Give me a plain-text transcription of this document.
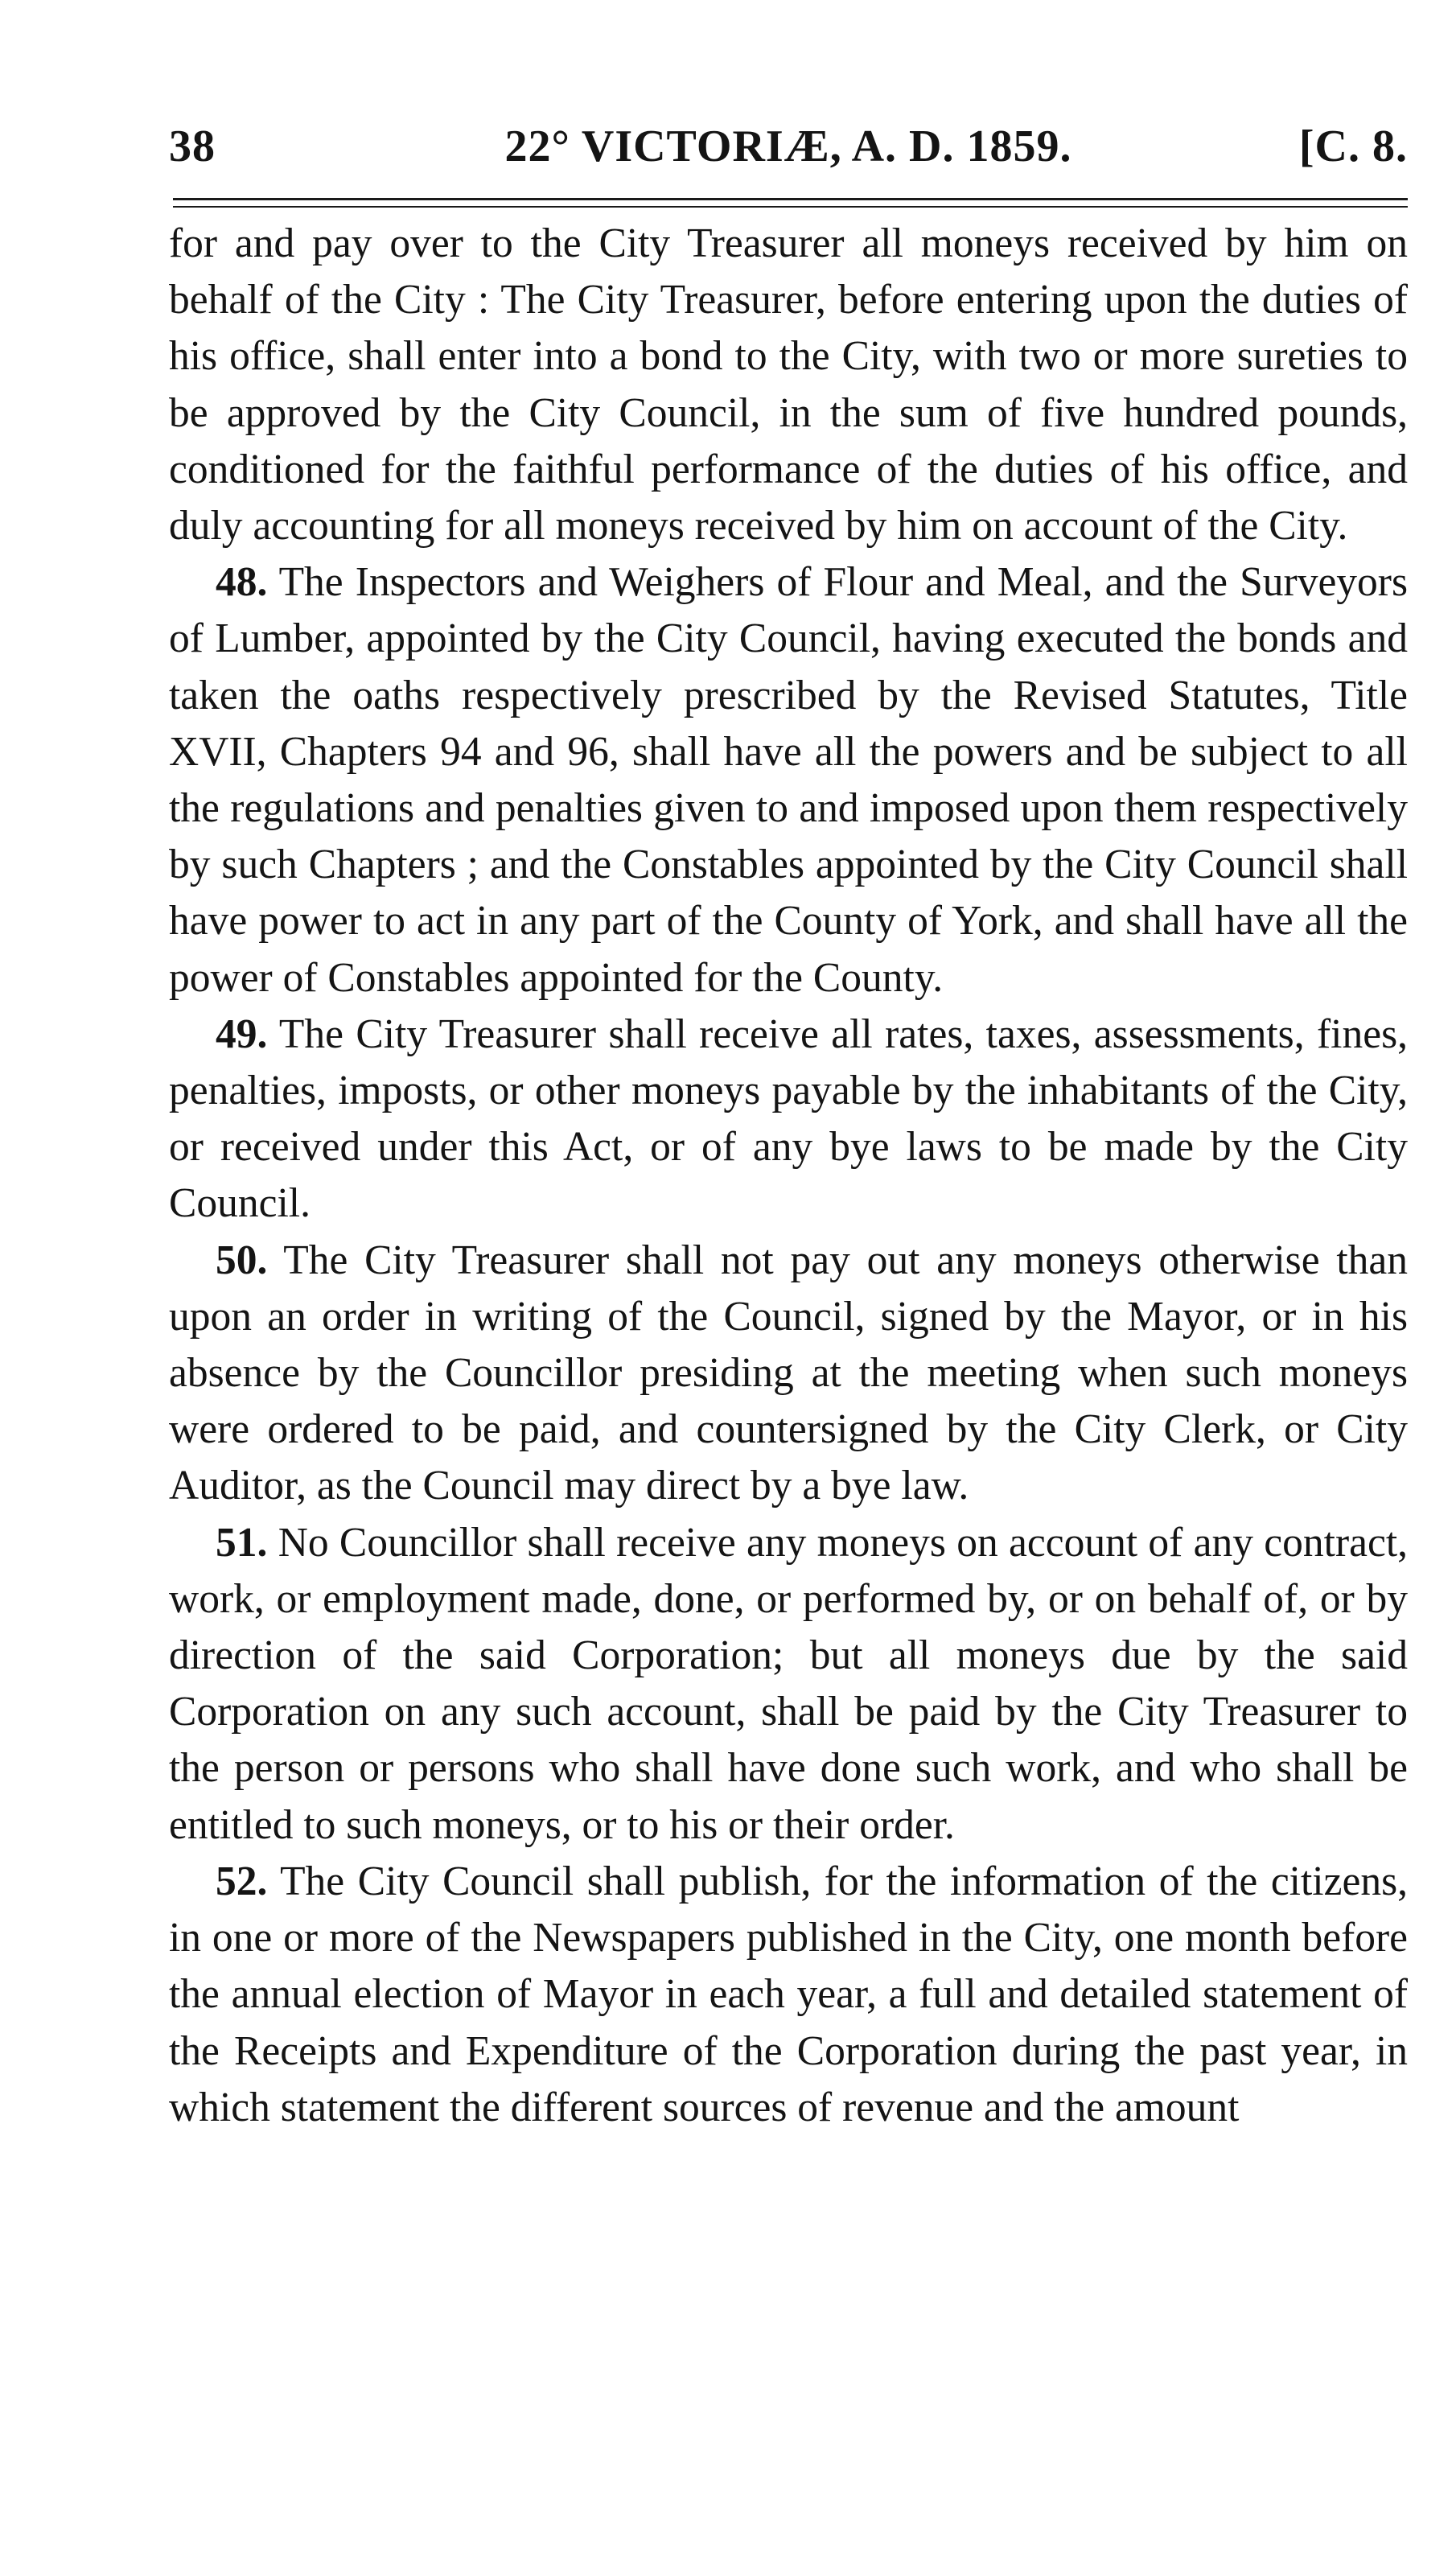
38	22° VICTORIÆ, A. D. 1859.	[C. 8.

for and pay over to the City Treasurer all moneys received by him on behalf of the City : The City Treasurer, before entering upon the duties of his office, shall enter into a bond to the City, with two or more sureties to be approved by the City Council, in the sum of five hundred pounds, conditioned for the faithful performance of the duties of his office, and duly accounting for all moneys received by him on account of the City.

48. The Inspectors and Weighers of Flour and Meal, and the Surveyors of Lumber, appointed by the City Council, having executed the bonds and taken the oaths respectively prescribed by the Revised Statutes, Title XVII, Chapters 94 and 96, shall have all the powers and be subject to all the regulations and penalties given to and imposed upon them respectively by such Chapters ; and the Constables appointed by the City Council shall have power to act in any part of the County of York, and shall have all the power of Constables appointed for the County.

49. The City Treasurer shall receive all rates, taxes, assessments, fines, penalties, imposts, or other moneys payable by the inhabitants of the City, or received under this Act, or of any bye laws to be made by the City Council.

50. The City Treasurer shall not pay out any moneys otherwise than upon an order in writing of the Council, signed by the Mayor, or in his absence by the Councillor presiding at the meeting when such moneys were ordered to be paid, and countersigned by the City Clerk, or City Auditor, as the Council may direct by a bye law.

51. No Councillor shall receive any moneys on account of any contract, work, or employment made, done, or performed by, or on behalf of, or by direction of the said Corporation; but all moneys due by the said Corporation on any such account, shall be paid by the City Treasurer to the person or persons who shall have done such work, and who shall be entitled to such moneys, or to his or their order.

52. The City Council shall publish, for the information of the citizens, in one or more of the Newspapers published in the City, one month before the annual election of Mayor in each year, a full and detailed statement of the Receipts and Expenditure of the Corporation during the past year, in which statement the different sources of revenue and the amount
